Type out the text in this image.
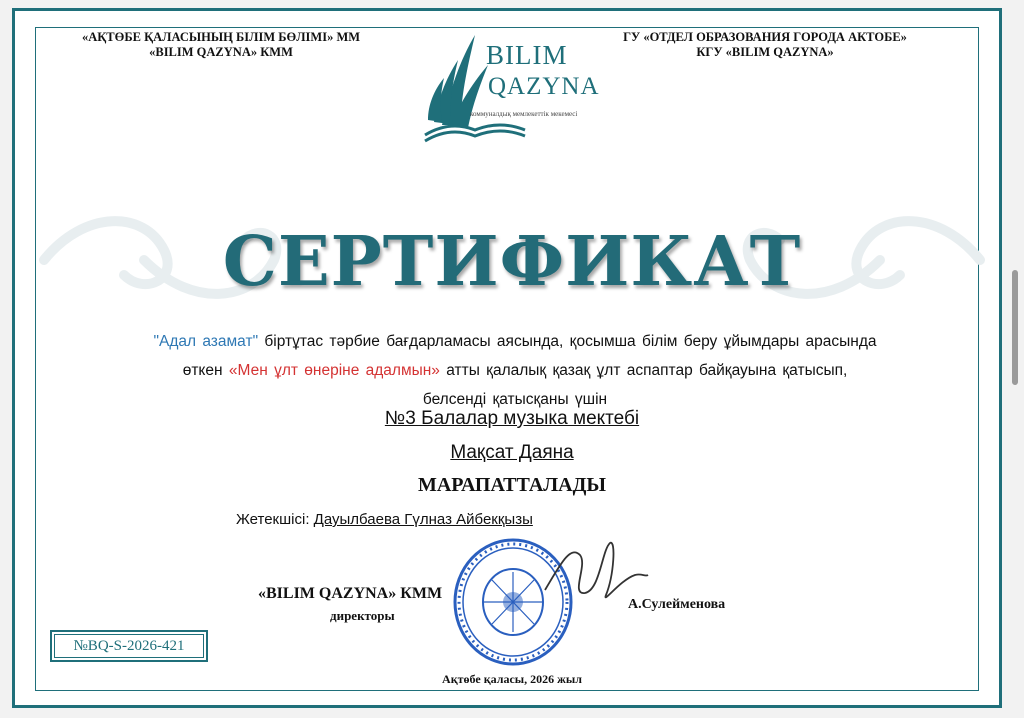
«АҚТӨБЕ ҚАЛАСЫНЫҢ БІЛІМ БӨЛІМІ» ММ
«BILIM QAZYNA» КММ
ГУ «ОТДЕЛ ОБРАЗОВАНИЯ ГОРОДА АКТОБЕ»
КГУ «BILIM QAZYNA»
BILIM
QAZYNA
коммуналдық мемлекеттік мекемесі
СЕРТИФИКАТ
"Адал азамат" біртұтас тәрбие бағдарламасы аясында, қосымша білім беру ұйымдары арасында өткен «Мен ұлт өнеріне адалмын» атты қалалық қазақ ұлт аспаптар байқауына қатысып, белсенді қатысқаны үшін
№3 Балалар музыка мектебі
Мақсат Даяна
МАРАПАТТАЛАДЫ
Жетекшісі: Дауылбаева Гүлназ Айбекқызы
«BILIM QAZYNA» КММ
директоры
А.Сулейменова
№BQ-S-2026-421
Ақтөбе қаласы, 2026 жыл
